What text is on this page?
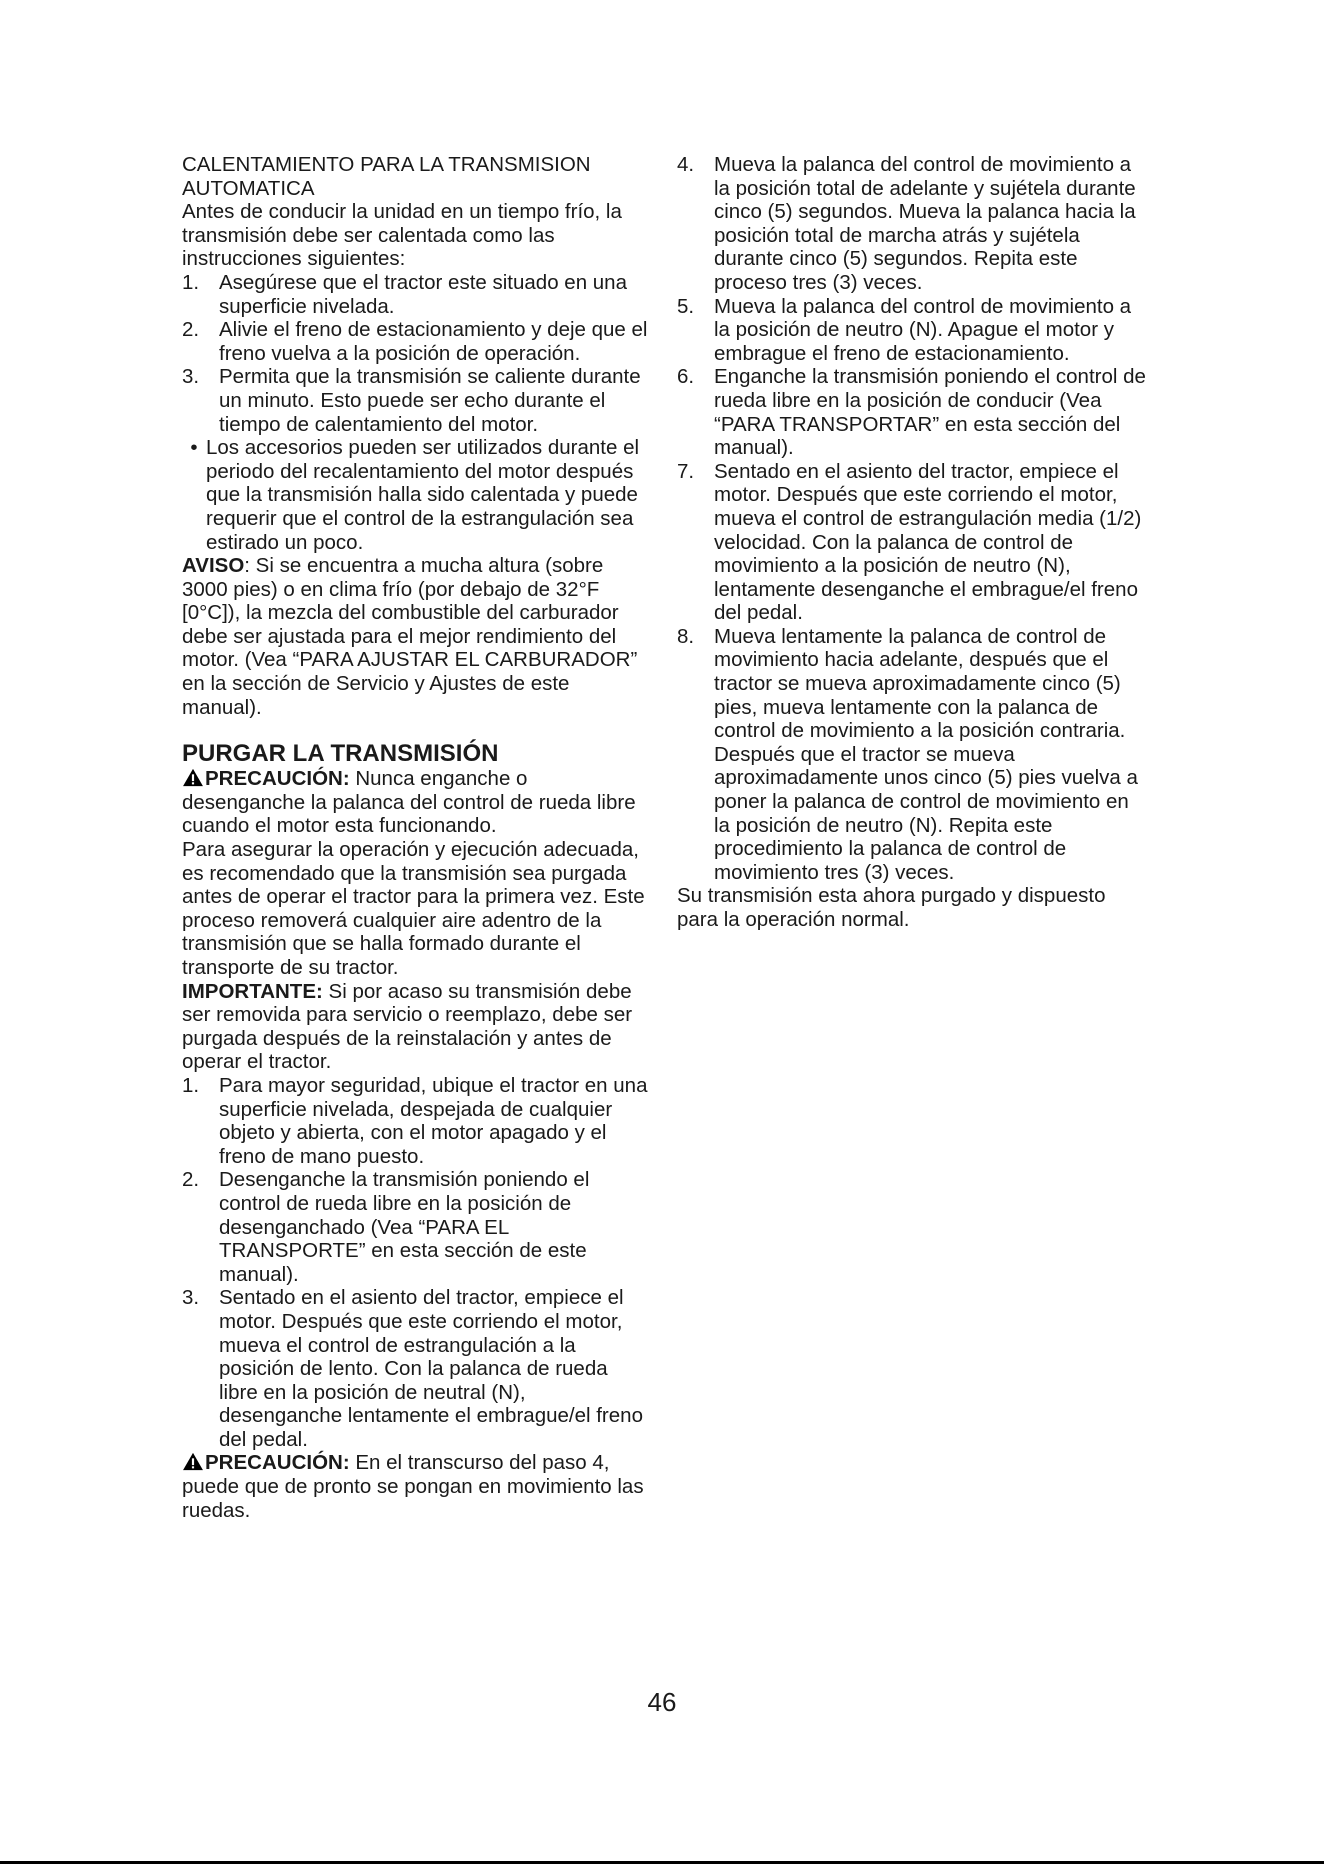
CALENTAMIENTO PARA LA TRANSMISION AUTOMATICA

Antes de conducir la unidad en un tiempo frío, la transmisión debe ser calentada como las instrucciones siguientes:

1. Asegúrese que el tractor este situado en una superficie nivelada.
2. Alivie el freno de estacionamiento y deje que el freno vuelva a la posición de operación.
3. Permita que la transmisión se caliente durante un minuto. Esto puede ser echo durante el tiempo de calentamiento del motor.
• Los accesorios pueden ser utilizados durante el periodo del recalentamiento del motor después que la transmisión halla sido calentada y puede requerir que el control de la estrangulación sea estirado un poco.

AVISO: Si se encuentra a mucha altura (sobre 3000 pies) o en clima frío (por debajo de 32°F [0°C]), la mezcla del combustible del carburador debe ser ajustada para el mejor rendimiento del motor. (Vea “PARA AJUSTAR EL CARBURADOR” en la sección de Servicio y Ajustes de este manual).

PURGAR LA TRANSMISIÓN

PRECAUCIÓN: Nunca enganche o desenganche la palanca del control de rueda libre cuando el motor esta funcionando.

Para asegurar la operación y ejecución adecuada, es recomendado que la transmisión sea purgada antes de operar el tractor para la primera vez. Este proceso removerá cualquier aire adentro de la transmisión que se halla formado durante el transporte de su tractor.

IMPORTANTE: Si por acaso su transmisión debe ser removida para servicio o reemplazo, debe ser purgada después de la reinstalación y antes de operar el tractor.

1. Para mayor seguridad, ubique el tractor en una superficie nivelada, despejada de cualquier objeto y abierta, con el motor apagado y el freno de mano puesto.
2. Desenganche la transmisión poniendo el control de rueda libre en la posición de desenganchado (Vea “PARA EL TRANSPORTE” en esta sección de este manual).
3. Sentado en el asiento del tractor, empiece el motor. Después que este corriendo el motor, mueva el control de estrangulación a la posición de lento. Con la palanca de rueda libre en la posición de neutral (N), desenganche lentamente el embrague/el freno del pedal.

PRECAUCIÓN: En el transcurso del paso 4, puede que de pronto se pongan en movimiento las ruedas.

4. Mueva la palanca del control de movimiento a la posición total de adelante y sujétela durante cinco (5) segundos. Mueva la palanca hacia la posición total de marcha atrás y sujétela durante cinco (5) segundos. Repita este proceso tres (3) veces.
5. Mueva la palanca del control de movimiento a la posición de neutro (N). Apague el motor y embrague el freno de estacionamiento.
6. Enganche la transmisión poniendo el control de rueda libre en la posición de conducir (Vea “PARA TRANSPORTAR” en esta sección del manual).
7. Sentado en el asiento del tractor, empiece el motor. Después que este corriendo el motor, mueva el control de estrangulación media (1/2) velocidad. Con la palanca de control de movimiento a la posición de neutro (N), lentamente desenganche el embrague/el freno del pedal.
8. Mueva lentamente la palanca de control de movimiento hacia adelante, después que el tractor se mueva aproximadamente cinco (5) pies, mueva lentamente con la palanca de control de movimiento a la posición contraria. Después que el tractor se mueva aproximadamente unos cinco (5) pies vuelva a poner la palanca de control de movimiento en la posición de neutro (N). Repita este procedimiento la palanca de control de movimiento tres (3) veces.

Su transmisión esta ahora purgado y dispuesto para la operación normal.

46
